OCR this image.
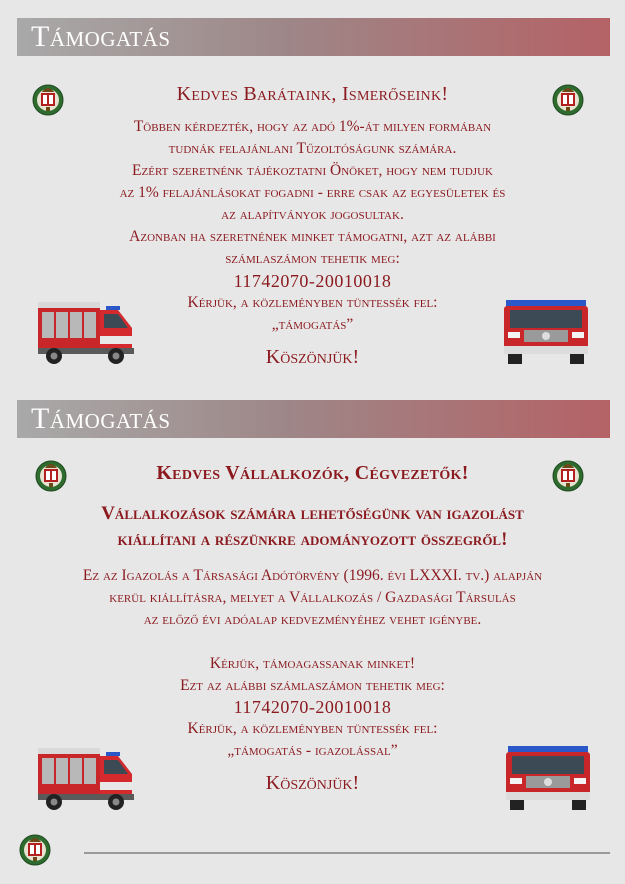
Támogatás
Kedves Barátaink, Ismerőseink!
Többen kérdezték, hogy az adó 1%-át milyen formában
tudnák felajánlani Tűzoltóságunk számára.
Ezért szeretnénk tájékoztatni Önöket, hogy nem tudjuk
az 1% felajánlásokat fogadni - erre csak az egyesületek és
az alapítványok jogosultak.
Azonban ha szeretnének minket támogatni, azt az alábbi
számlaszámon tehetik meg:
11742070-20010018
Kérjük, a közleményben tüntessék fel:
„támogatás”
Köszönjük!
Támogatás
Kedves Vállalkozók, Cégvezetők!
Vállalkozások számára lehetőségünk van igazolást
kiállítani a részünkre adományozott összegről!
Ez az Igazolás a Társasági Adótörvény (1996. évi LXXXI. tv.) alapján
kerül kiállításra, melyet a Vállalkozás / Gazdasági Társulás
az előző évi adóalap kedvezményéhez vehet igénybe.
Kérjük, támoagassanak minket!
Ezt az alábbi számlaszámon tehetik meg:
11742070-20010018
Kérjük, a közleményben tüntessék fel:
„támogatás - igazolással”
Köszönjük!
